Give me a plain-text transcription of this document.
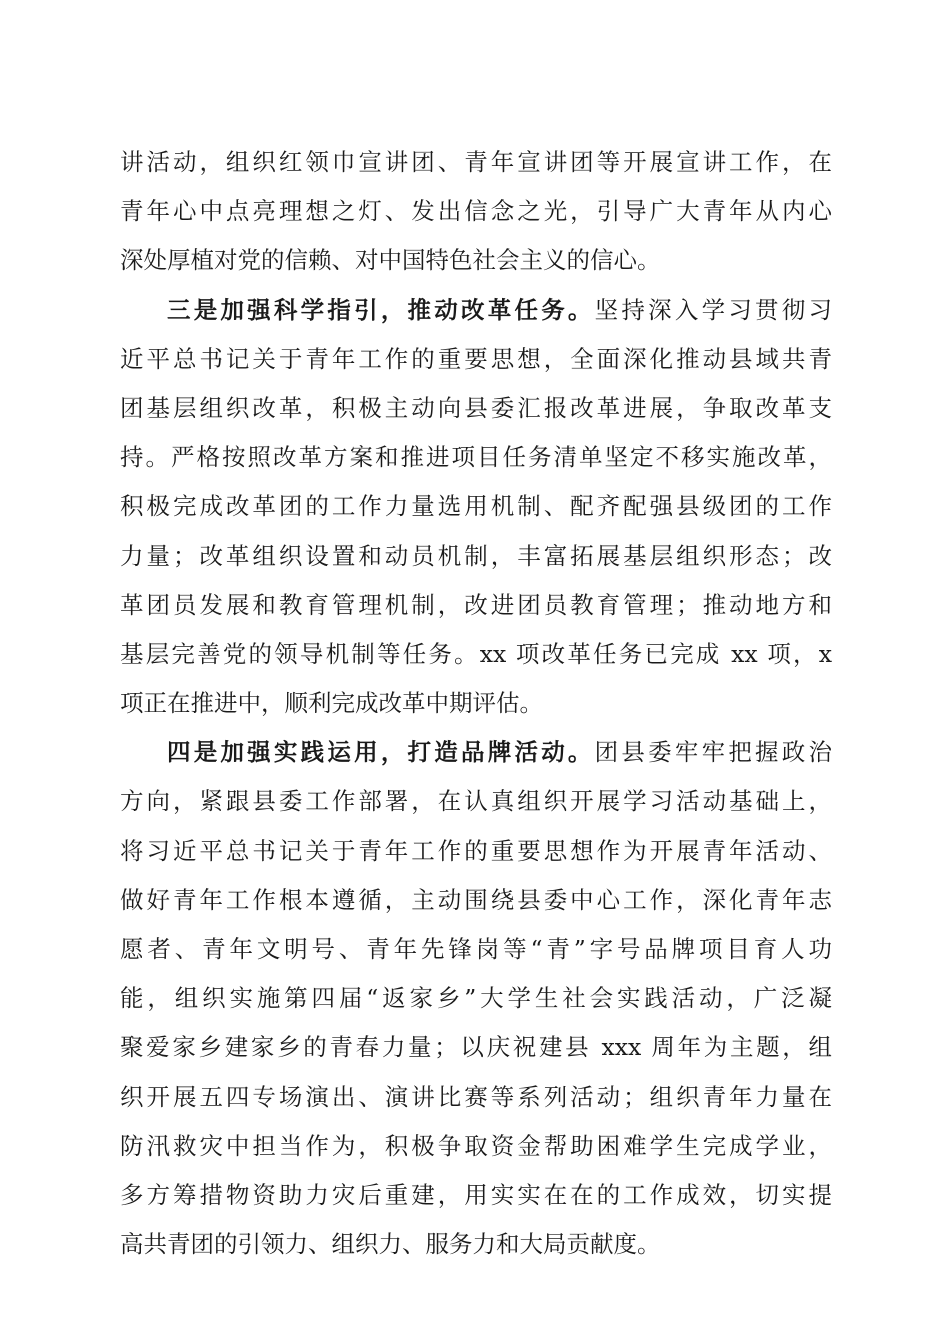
讲活动，组织红领巾宣讲团、青年宣讲团等开展宣讲工作，在
青年心中点亮理想之灯、发出信念之光，引导广大青年从内心
深处厚植对党的信赖、对中国特色社会主义的信心。
三是加强科学指引，推动改革任务。坚持深入学习贯彻习
近平总书记关于青年工作的重要思想，全面深化推动县域共青
团基层组织改革，积极主动向县委汇报改革进展，争取改革支
持。严格按照改革方案和推进项目任务清单坚定不移实施改革，
积极完成改革团的工作力量选用机制、配齐配强县级团的工作
力量；改革组织设置和动员机制，丰富拓展基层组织形态；改
革团员发展和教育管理机制，改进团员教育管理；推动地方和
基层完善党的领导机制等任务。xx 项改革任务已完成 xx 项，x
项正在推进中，顺利完成改革中期评估。
四是加强实践运用，打造品牌活动。团县委牢牢把握政治
方向，紧跟县委工作部署，在认真组织开展学习活动基础上，
将习近平总书记关于青年工作的重要思想作为开展青年活动、
做好青年工作根本遵循，主动围绕县委中心工作，深化青年志
愿者、青年文明号、青年先锋岗等“青”字号品牌项目育人功
能，组织实施第四届“返家乡”大学生社会实践活动，广泛凝
聚爱家乡建家乡的青春力量；以庆祝建县 xxx 周年为主题，组
织开展五四专场演出、演讲比赛等系列活动；组织青年力量在
防汛救灾中担当作为，积极争取资金帮助困难学生完成学业，
多方筹措物资助力灾后重建，用实实在在的工作成效，切实提
高共青团的引领力、组织力、服务力和大局贡献度。
